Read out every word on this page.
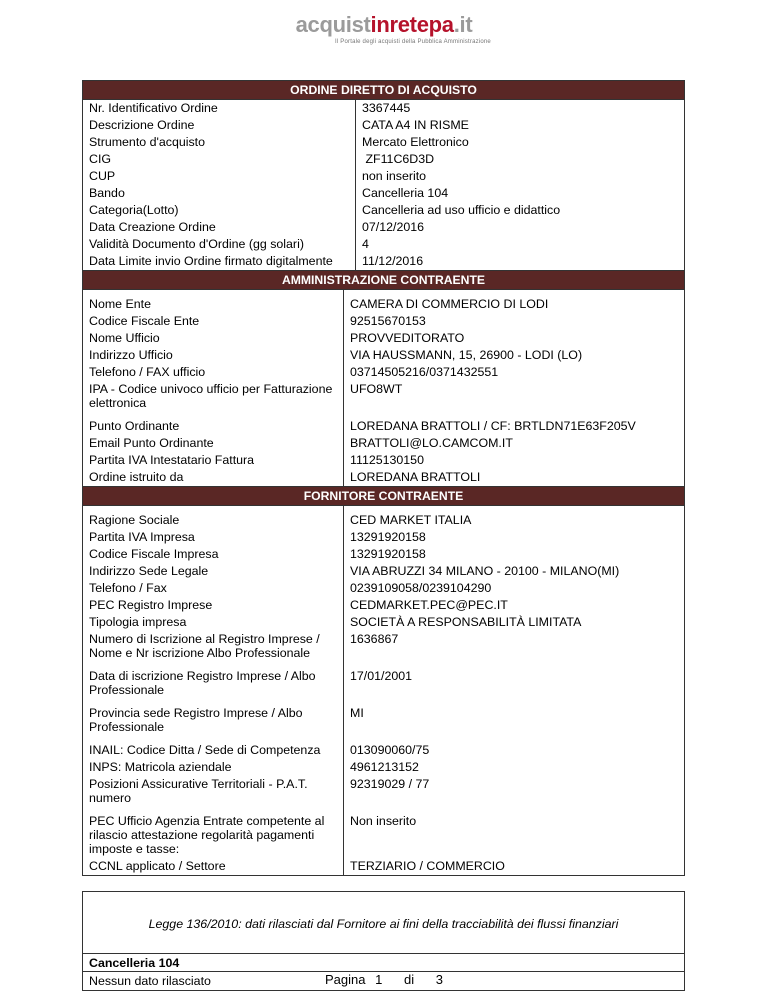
acquistinretepa.it
Il Portale degli acquisti della Pubblica Amministrazione
ORDINE DIRETTO DI ACQUISTO
Nr. Identificativo Ordine	3367445
Descrizione Ordine	CATA A4 IN RISME
Strumento d'acquisto	Mercato Elettronico
CIG	ZF11C6D3D
CUP	non inserito
Bando	Cancelleria 104
Categoria(Lotto)	Cancelleria ad uso ufficio e didattico
Data Creazione Ordine	07/12/2016
Validità Documento d'Ordine (gg solari)	4
Data Limite invio Ordine firmato digitalmente	11/12/2016
AMMINISTRAZIONE CONTRAENTE

Nome Ente	CAMERA DI COMMERCIO DI LODI
Codice Fiscale Ente	92515670153
Nome Ufficio	PROVVEDITORATO
Indirizzo Ufficio	VIA HAUSSMANN, 15, 26900 - LODI (LO)
Telefono / FAX ufficio	03714505216/0371432551
IPA - Codice univoco ufficio per Fatturazione elettronica	UFO8WT

Punto Ordinante	LOREDANA BRATTOLI / CF: BRTLDN71E63F205V
Email Punto Ordinante	BRATTOLI@LO.CAMCOM.IT
Partita IVA Intestatario Fattura	11125130150
Ordine istruito da	LOREDANA BRATTOLI
FORNITORE CONTRAENTE

Ragione Sociale	CED MARKET ITALIA
Partita IVA Impresa	13291920158
Codice Fiscale Impresa	13291920158
Indirizzo Sede Legale	VIA ABRUZZI 34 MILANO - 20100 - MILANO(MI)
Telefono / Fax	0239109058/0239104290
PEC Registro Imprese	CEDMARKET.PEC@PEC.IT
Tipologia impresa	SOCIETÀ A RESPONSABILITÀ LIMITATA
Numero di Iscrizione al Registro Imprese / Nome e Nr iscrizione Albo Professionale	1636867

Data di iscrizione Registro Imprese / Albo Professionale	17/01/2001

Provincia sede Registro Imprese / Albo Professionale	MI

INAIL: Codice Ditta / Sede di Competenza	013090060/75
INPS: Matricola aziendale	4961213152
Posizioni Assicurative Territoriali - P.A.T. numero	92319029 / 77

PEC Ufficio Agenzia Entrate competente al rilascio attestazione regolarità pagamenti imposte e tasse:	Non inserito
CCNL applicato / Settore	TERZIARIO / COMMERCIO
Legge 136/2010: dati rilasciati dal Fornitore ai fini della tracciabilità dei flussi finanziari
Cancelleria 104
Nessun dato rilasciato	Pagina 1 di 3
